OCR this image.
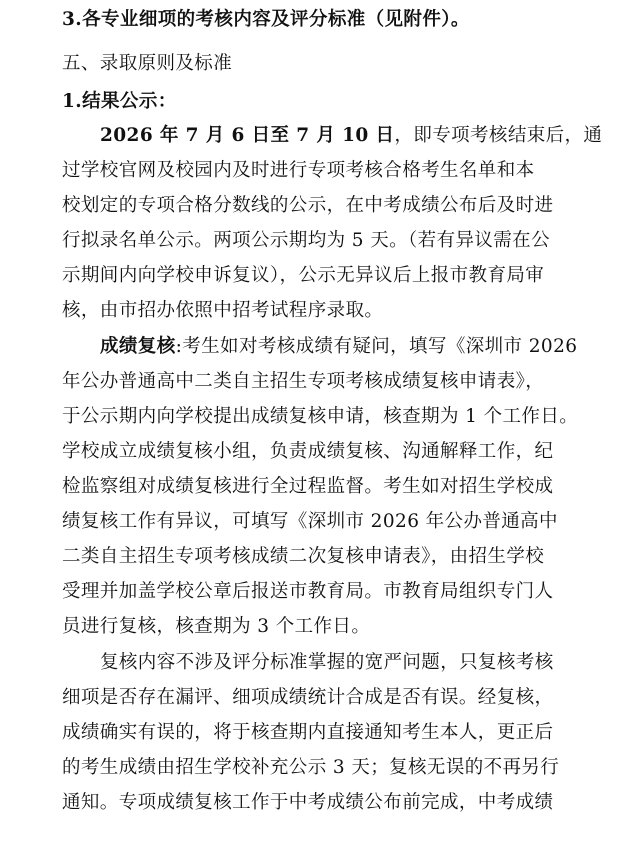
3.各专业细项的考核内容及评分标准（见附件）。
五、录取原则及标准
1.结果公示：
2026 年 7 月 6 日至 7 月 10 日，即专项考核结束后，通
过学校官网及校园内及时进行专项考核合格考生名单和本
校划定的专项合格分数线的公示，在中考成绩公布后及时进
行拟录名单公示。两项公示期均为 5 天。（若有异议需在公
示期间内向学校申诉复议），公示无异议后上报市教育局审
核，由市招办依照中招考试程序录取。
成绩复核:考生如对考核成绩有疑问，填写《深圳市 2026
年公办普通高中二类自主招生专项考核成绩复核申请表》，
于公示期内向学校提出成绩复核申请，核查期为 1 个工作日。
学校成立成绩复核小组，负责成绩复核、沟通解释工作，纪
检监察组对成绩复核进行全过程监督。考生如对招生学校成
绩复核工作有异议，可填写《深圳市 2026 年公办普通高中
二类自主招生专项考核成绩二次复核申请表》，由招生学校
受理并加盖学校公章后报送市教育局。市教育局组织专门人
员进行复核，核查期为 3 个工作日。
复核内容不涉及评分标准掌握的宽严问题，只复核考核
细项是否存在漏评、细项成绩统计合成是否有误。经复核，
成绩确实有误的，将于核查期内直接通知考生本人，更正后
的考生成绩由招生学校补充公示 3 天；复核无误的不再另行
通知。专项成绩复核工作于中考成绩公布前完成，中考成绩
